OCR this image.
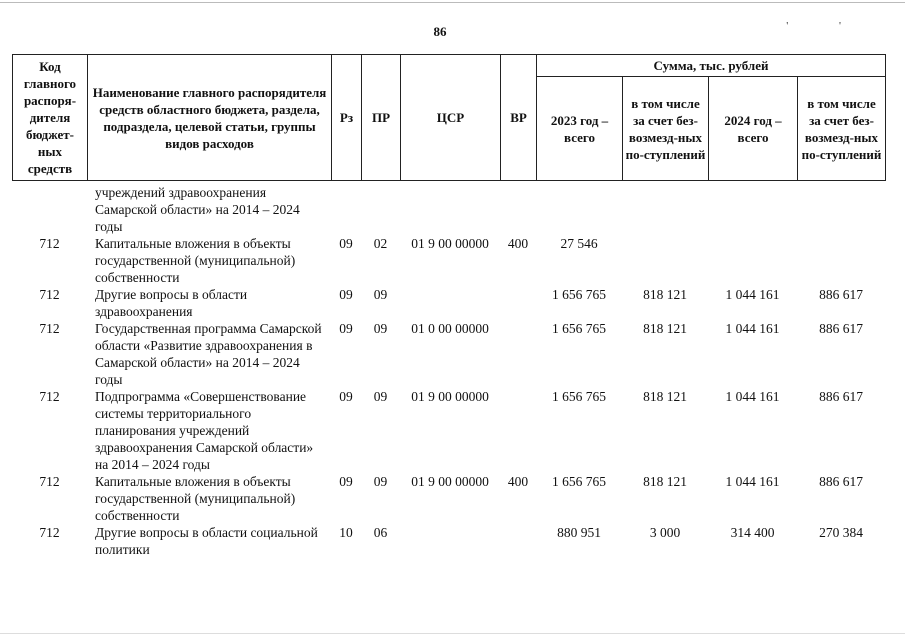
86	' '
Код главного распоря-дителя бюджет-ных средств	Наименование главного распорядителя средств областного бюджета, раздела, подраздела, целевой статьи, группы видов расходов	Рз	ПР	ЦСР	ВР	Сумма, тыс. рублей			
						2023 год – всего	в том числе за счет без-возмезд-ных по-ступлений	2024 год – всего	в том числе за счет без-возмезд-ных по-ступлений
	учреждений здравоохранения Самарской области» на 2014 – 2024 годы								
712	Капитальные вложения в объекты государственной (муниципальной) собственности	09	02	01 9 00 00000	400	27 546			
712	Другие вопросы в области здравоохранения	09	09			1 656 765	818 121	1 044 161	886 617
712	Государственная программа Самарской области «Развитие здравоохранения в Самарской области» на 2014 – 2024 годы	09	09	01 0 00 00000		1 656 765	818 121	1 044 161	886 617
712	Подпрограмма «Совершенствование системы территориального планирования учреждений здравоохранения Самарской области» на 2014 – 2024 годы	09	09	01 9 00 00000		1 656 765	818 121	1 044 161	886 617
712	Капитальные вложения в объекты государственной (муниципальной) собственности	09	09	01 9 00 00000	400	1 656 765	818 121	1 044 161	886 617
712	Другие вопросы в области социальной политики	10	06			880 951	3 000	314 400	270 384
